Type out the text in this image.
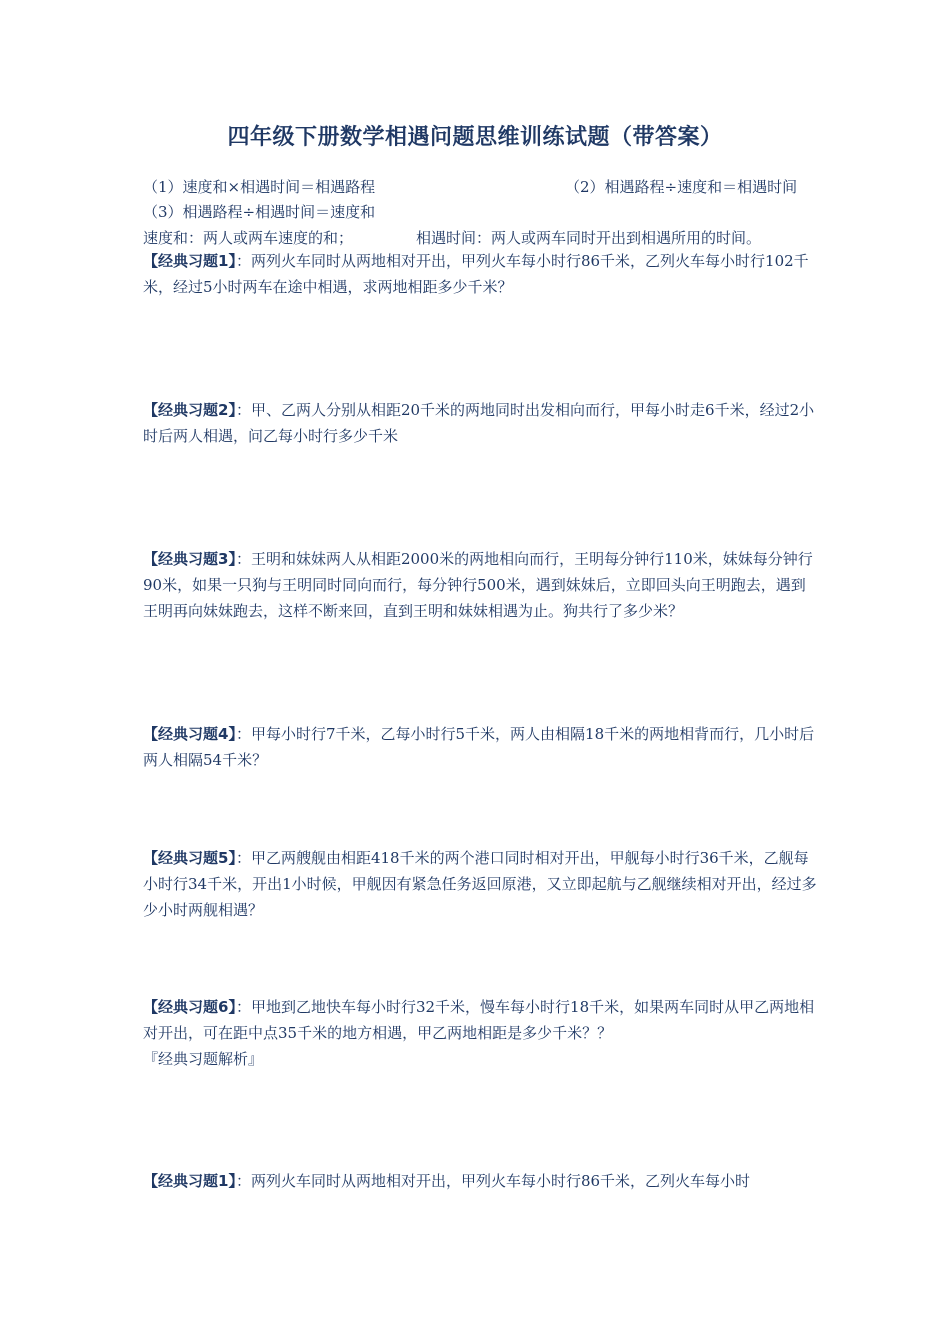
四年级下册数学相遇问题思维训练试题（带答案）
（1）速度和×相遇时间＝相遇路程	（2）相遇路程÷速度和＝相遇时间
（3）相遇路程÷相遇时间＝速度和
速度和：两人或两车速度的和；	相遇时间：两人或两车同时开出到相遇所用的时间。
【经典习题1】：两列火车同时从两地相对开出，甲列火车每小时行86千米，乙列火车每小时行102千米，经过5小时两车在途中相遇，求两地相距多少千米？
【经典习题2】：甲、乙两人分别从相距20千米的两地同时出发相向而行，甲每小时走6千米，经过2小时后两人相遇，问乙每小时行多少千米
【经典习题3】：王明和妹妹两人从相距2000米的两地相向而行，王明每分钟行110米，妹妹每分钟行90米，如果一只狗与王明同时同向而行，每分钟行500米，遇到妹妹后，立即回头向王明跑去，遇到王明再向妹妹跑去，这样不断来回，直到王明和妹妹相遇为止。狗共行了多少米？
【经典习题4】：甲每小时行7千米，乙每小时行5千米，两人由相隔18千米的两地相背而行，几小时后两人相隔54千米？
【经典习题5】：甲乙两艘舰由相距418千米的两个港口同时相对开出，甲舰每小时行36千米，乙舰每小时行34千米，开出1小时候，甲舰因有紧急任务返回原港，又立即起航与乙舰继续相对开出，经过多少小时两舰相遇？
【经典习题6】：甲地到乙地快车每小时行32千米，慢车每小时行18千米，如果两车同时从甲乙两地相对开出，可在距中点35千米的地方相遇，甲乙两地相距是多少千米？？
『经典习题解析』
【经典习题1】：两列火车同时从两地相对开出，甲列火车每小时行86千米，乙列火车每小时
